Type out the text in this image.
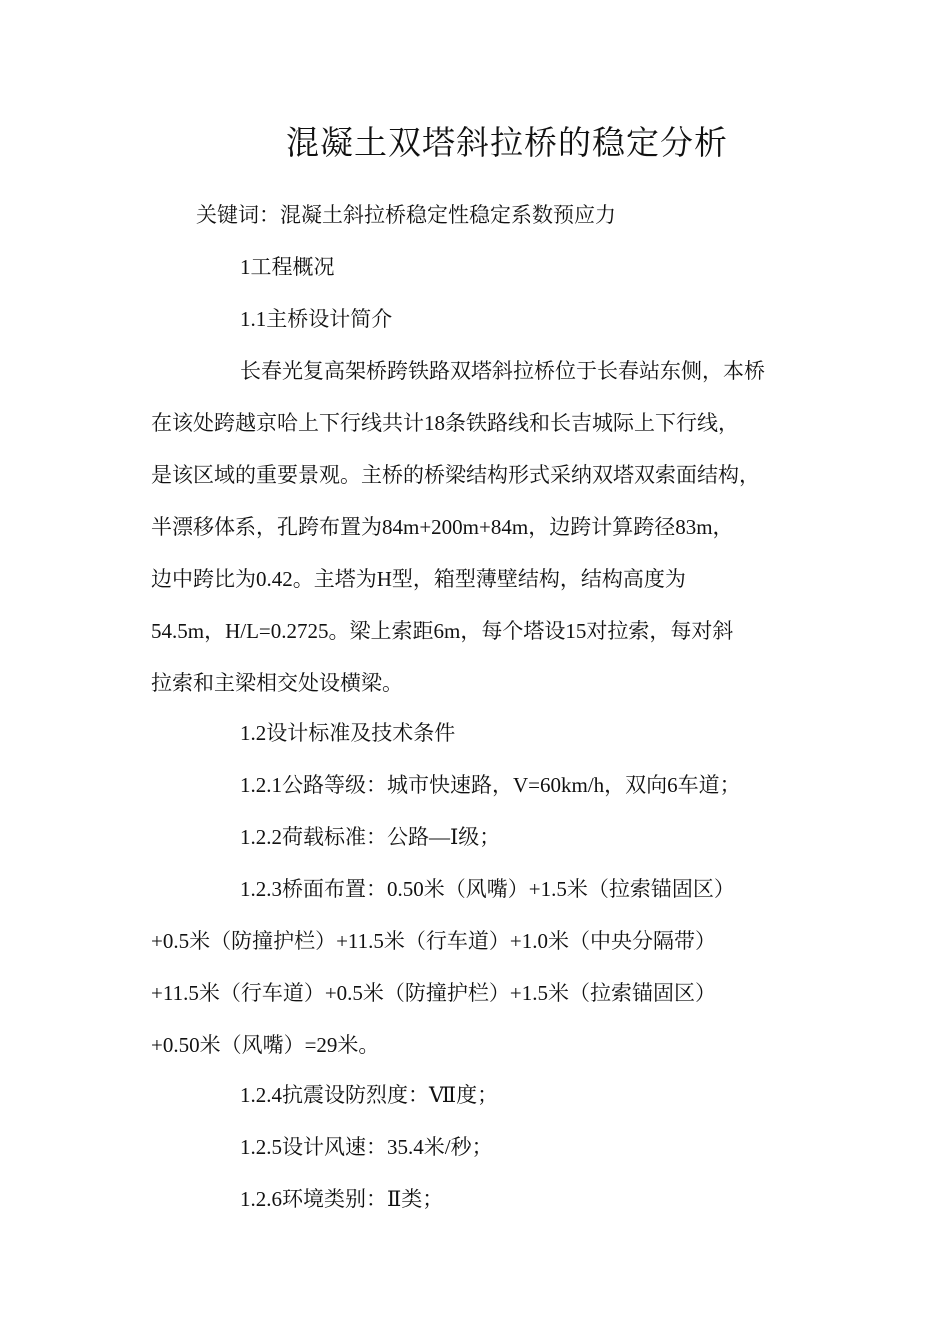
混凝土双塔斜拉桥的稳定分析
关键词：混凝土斜拉桥稳定性稳定系数预应力
1工程概况
1.1主桥设计简介
长春光复高架桥跨铁路双塔斜拉桥位于长春站东侧，本桥
在该处跨越京哈上下行线共计18条铁路线和长吉城际上下行线，
是该区域的重要景观。主桥的桥梁结构形式采纳双塔双索面结构，
半漂移体系，孔跨布置为84m+200m+84m，边跨计算跨径83m，
边中跨比为0.42。主塔为H型，箱型薄壁结构，结构高度为
54.5m，H/L=0.2725。梁上索距6m，每个塔设15对拉索，每对斜
拉索和主梁相交处设横梁。
1.2设计标准及技术条件
1.2.1公路等级：城市快速路，V=60km/h，双向6车道；
1.2.2荷载标准：公路—Ⅰ级；
1.2.3桥面布置：0.50米（风嘴）+1.5米（拉索锚固区）
+0.5米（防撞护栏）+11.5米（行车道）+1.0米（中央分隔带）
+11.5米（行车道）+0.5米（防撞护栏）+1.5米（拉索锚固区）
+0.50米（风嘴）=29米。
1.2.4抗震设防烈度：Ⅶ度；
1.2.5设计风速：35.4米/秒；
1.2.6环境类别：Ⅱ类；
